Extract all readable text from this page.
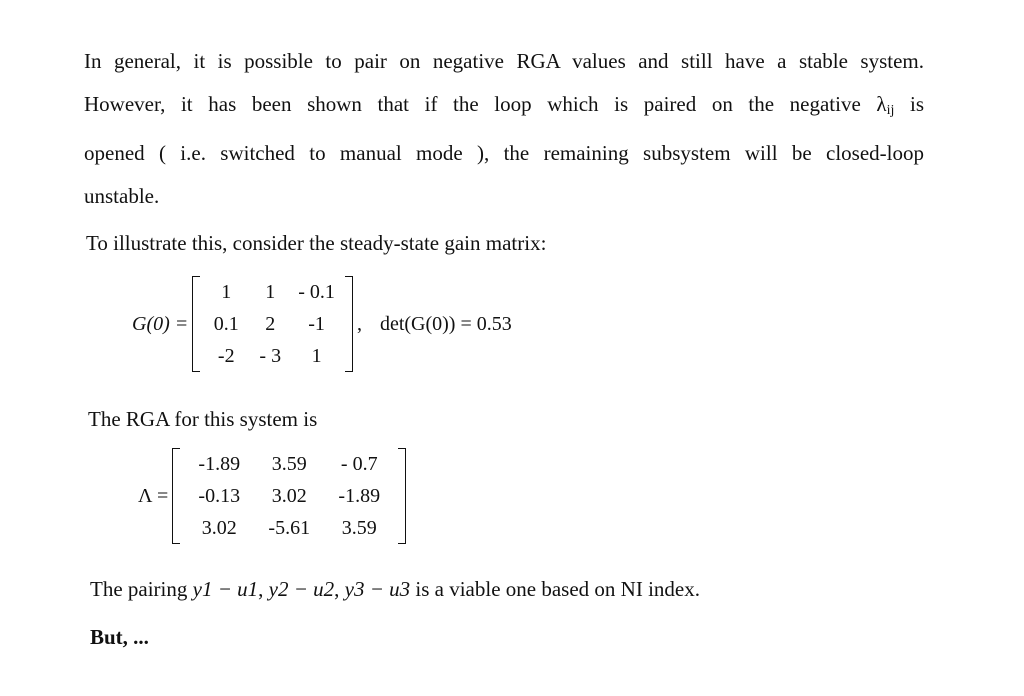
In general, it is possible to pair on negative RGA values and still have a stable system.
However, it has been shown that if the loop which is paired on the negative λij is
opened ( i.e. switched to manual mode ), the remaining subsystem will be closed-loop
unstable.
To illustrate this, consider the steady-state gain matrix:
G(0) =
1	1	- 0.1
0.1	2	-1
-2	- 3	1
, det(G(0)) = 0.53
The RGA for this system is
Λ =
-1.89	3.59	- 0.7
-0.13	3.02	-1.89
3.02	-5.61	3.59
The pairing y1 − u1, y2 − u2, y3 − u3 is a viable one based on NI index.
But, ...
